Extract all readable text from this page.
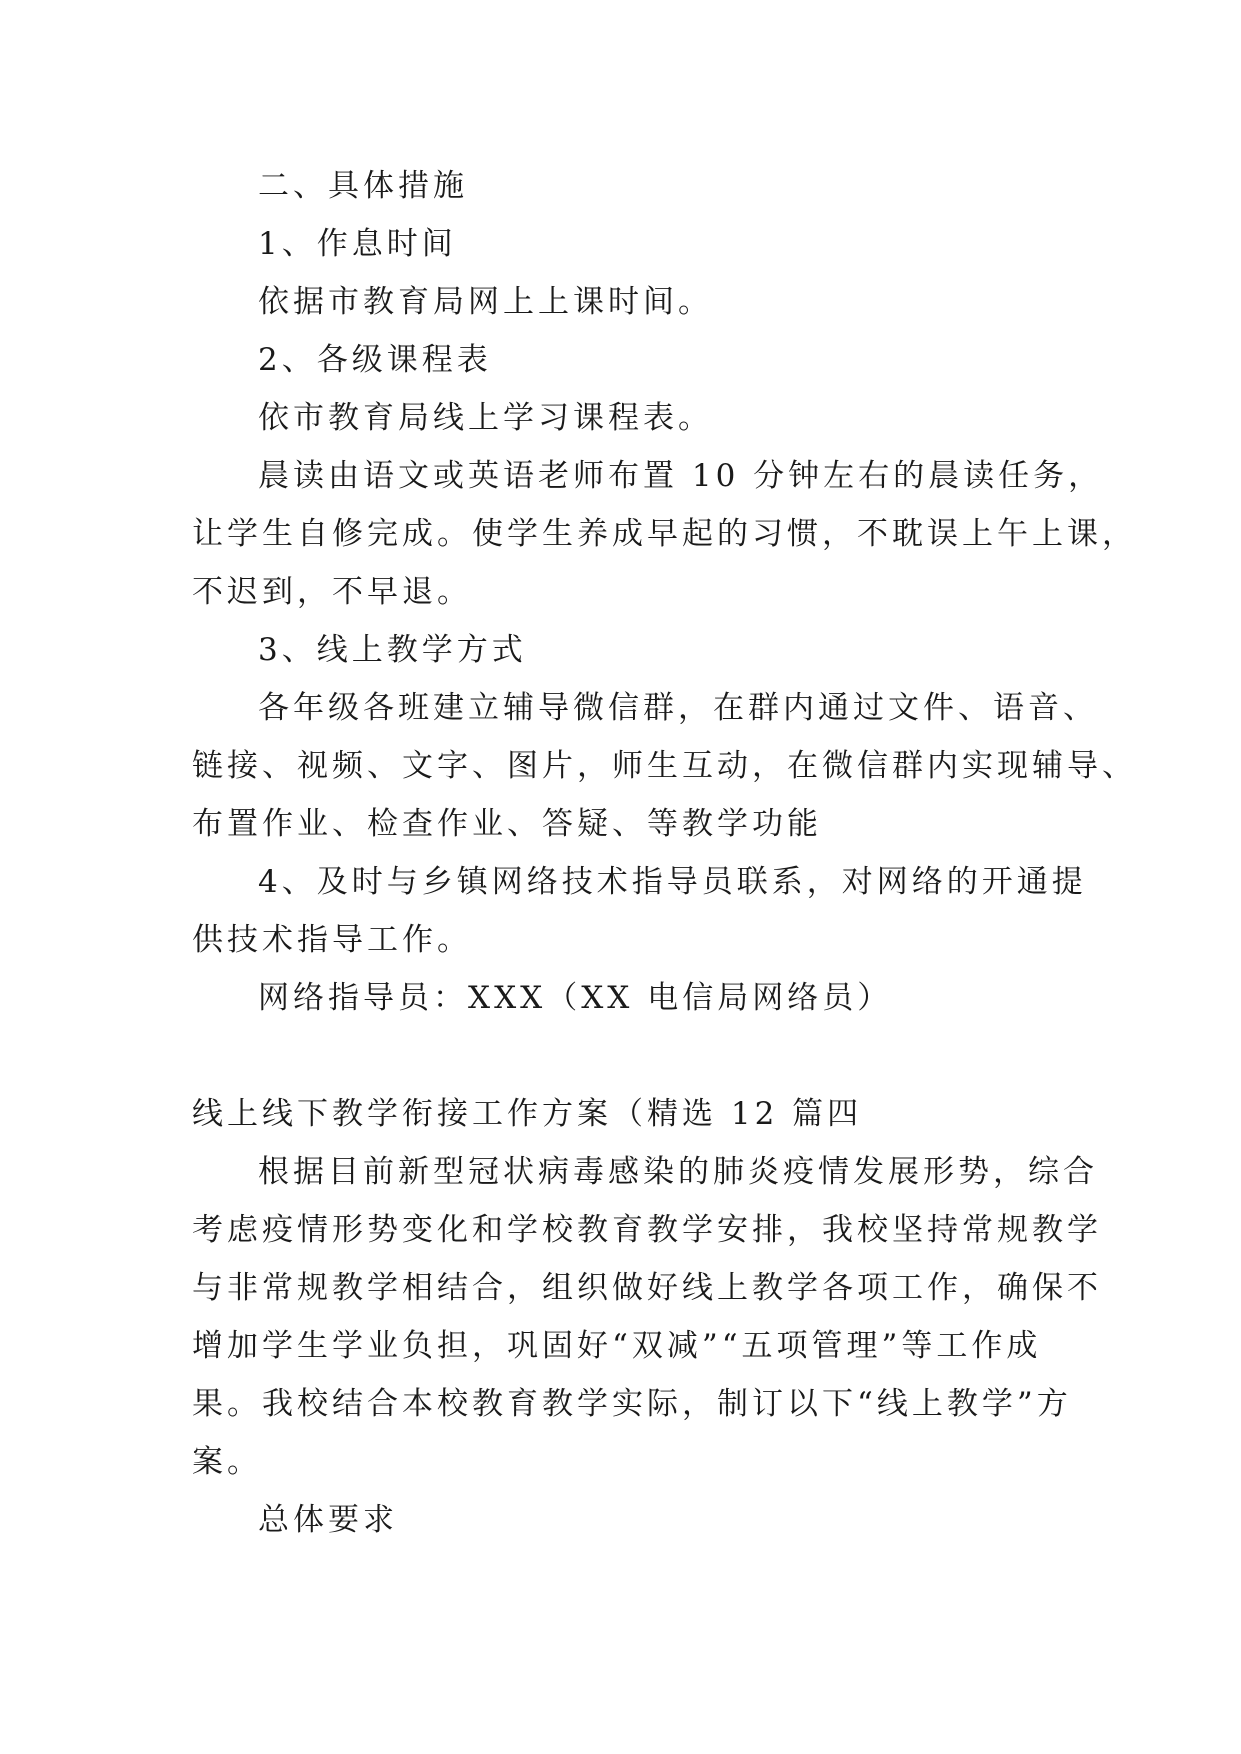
二、具体措施
1、作息时间
依据市教育局网上上课时间。
2、各级课程表
依市教育局线上学习课程表。
晨读由语文或英语老师布置 10 分钟左右的晨读任务，
让学生自修完成。使学生养成早起的习惯，不耽误上午上课，
不迟到，不早退。
3、线上教学方式
各年级各班建立辅导微信群，在群内通过文件、语音、
链接、视频、文字、图片，师生互动，在微信群内实现辅导、
布置作业、检查作业、答疑、等教学功能
4、及时与乡镇网络技术指导员联系，对网络的开通提
供技术指导工作。
网络指导员：XXX（XX 电信局网络员）
线上线下教学衔接工作方案（精选 12 篇四
根据目前新型冠状病毒感染的肺炎疫情发展形势，综合
考虑疫情形势变化和学校教育教学安排，我校坚持常规教学
与非常规教学相结合，组织做好线上教学各项工作，确保不
增加学生学业负担，巩固好“双减”“五项管理”等工作成
果。我校结合本校教育教学实际，制订以下“线上教学”方
案。
总体要求
